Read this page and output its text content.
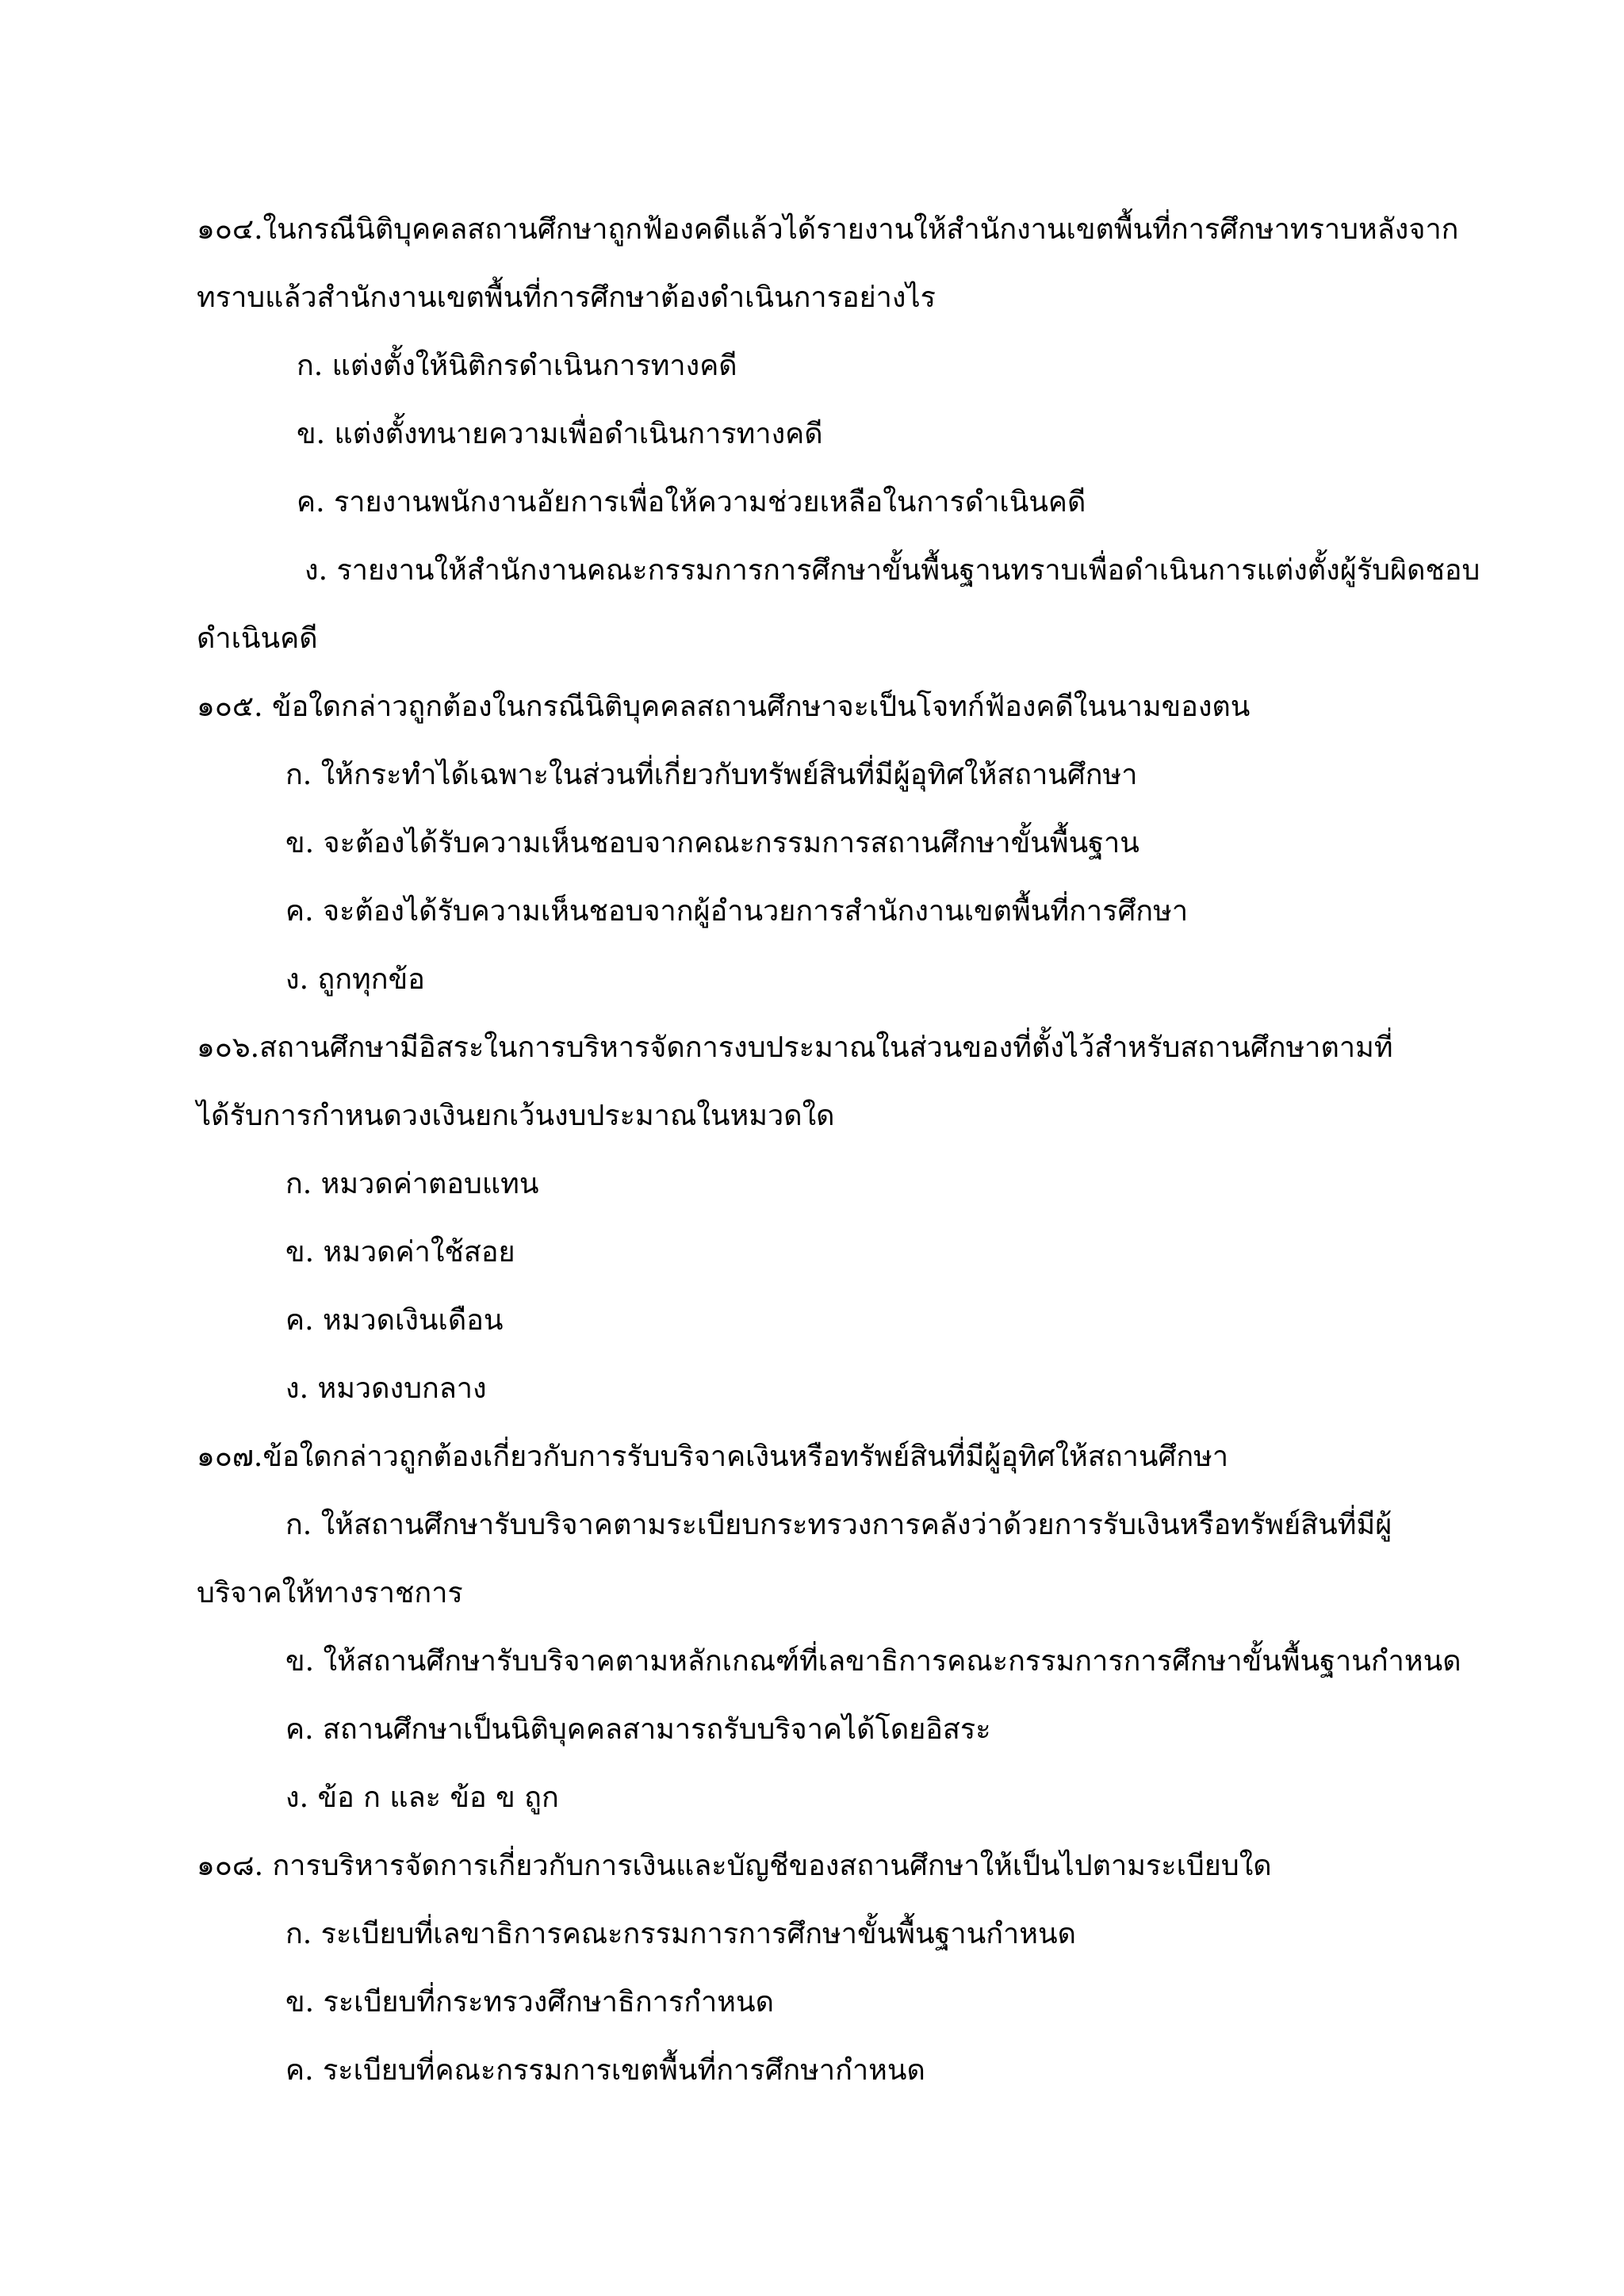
๑๐๔.ในกรณีนิติบุคคลสถานศึกษาถูกฟ้องคดีแล้วได้รายงานให้สำนักงานเขตพื้นที่การศึกษาทราบหลังจาก
ทราบแล้วสำนักงานเขตพื้นที่การศึกษาต้องดำเนินการอย่างไร
ก. แต่งตั้งให้นิติกรดำเนินการทางคดี
ข. แต่งตั้งทนายความเพื่อดำเนินการทางคดี
ค. รายงานพนักงานอัยการเพื่อให้ความช่วยเหลือในการดำเนินคดี
ง. รายงานให้สำนักงานคณะกรรมการการศึกษาขั้นพื้นฐานทราบเพื่อดำเนินการแต่งตั้งผู้รับผิดชอบ
ดำเนินคดี
๑๐๕. ข้อใดกล่าวถูกต้องในกรณีนิติบุคคลสถานศึกษาจะเป็นโจทก์ฟ้องคดีในนามของตน
ก. ให้กระทำได้เฉพาะในส่วนที่เกี่ยวกับทรัพย์สินที่มีผู้อุทิศให้สถานศึกษา
ข. จะต้องได้รับความเห็นชอบจากคณะกรรมการสถานศึกษาขั้นพื้นฐาน
ค. จะต้องได้รับความเห็นชอบจากผู้อำนวยการสำนักงานเขตพื้นที่การศึกษา
ง. ถูกทุกข้อ
๑๐๖.สถานศึกษามีอิสระในการบริหารจัดการงบประมาณในส่วนของที่ตั้งไว้สำหรับสถานศึกษาตามที่
ได้รับการกำหนดวงเงินยกเว้นงบประมาณในหมวดใด
ก. หมวดค่าตอบแทน
ข. หมวดค่าใช้สอย
ค. หมวดเงินเดือน
ง. หมวดงบกลาง
๑๐๗.ข้อใดกล่าวถูกต้องเกี่ยวกับการรับบริจาคเงินหรือทรัพย์สินที่มีผู้อุทิศให้สถานศึกษา
ก. ให้สถานศึกษารับบริจาคตามระเบียบกระทรวงการคลังว่าด้วยการรับเงินหรือทรัพย์สินที่มีผู้
บริจาคให้ทางราชการ
ข. ให้สถานศึกษารับบริจาคตามหลักเกณฑ์ที่เลขาธิการคณะกรรมการการศึกษาขั้นพื้นฐานกำหนด
ค. สถานศึกษาเป็นนิติบุคคลสามารถรับบริจาคได้โดยอิสระ
ง. ข้อ ก และ ข้อ ข ถูก
๑๐๘. การบริหารจัดการเกี่ยวกับการเงินและบัญชีของสถานศึกษาให้เป็นไปตามระเบียบใด
ก. ระเบียบที่เลขาธิการคณะกรรมการการศึกษาขั้นพื้นฐานกำหนด
ข. ระเบียบที่กระทรวงศึกษาธิการกำหนด
ค. ระเบียบที่คณะกรรมการเขตพื้นที่การศึกษากำหนด
